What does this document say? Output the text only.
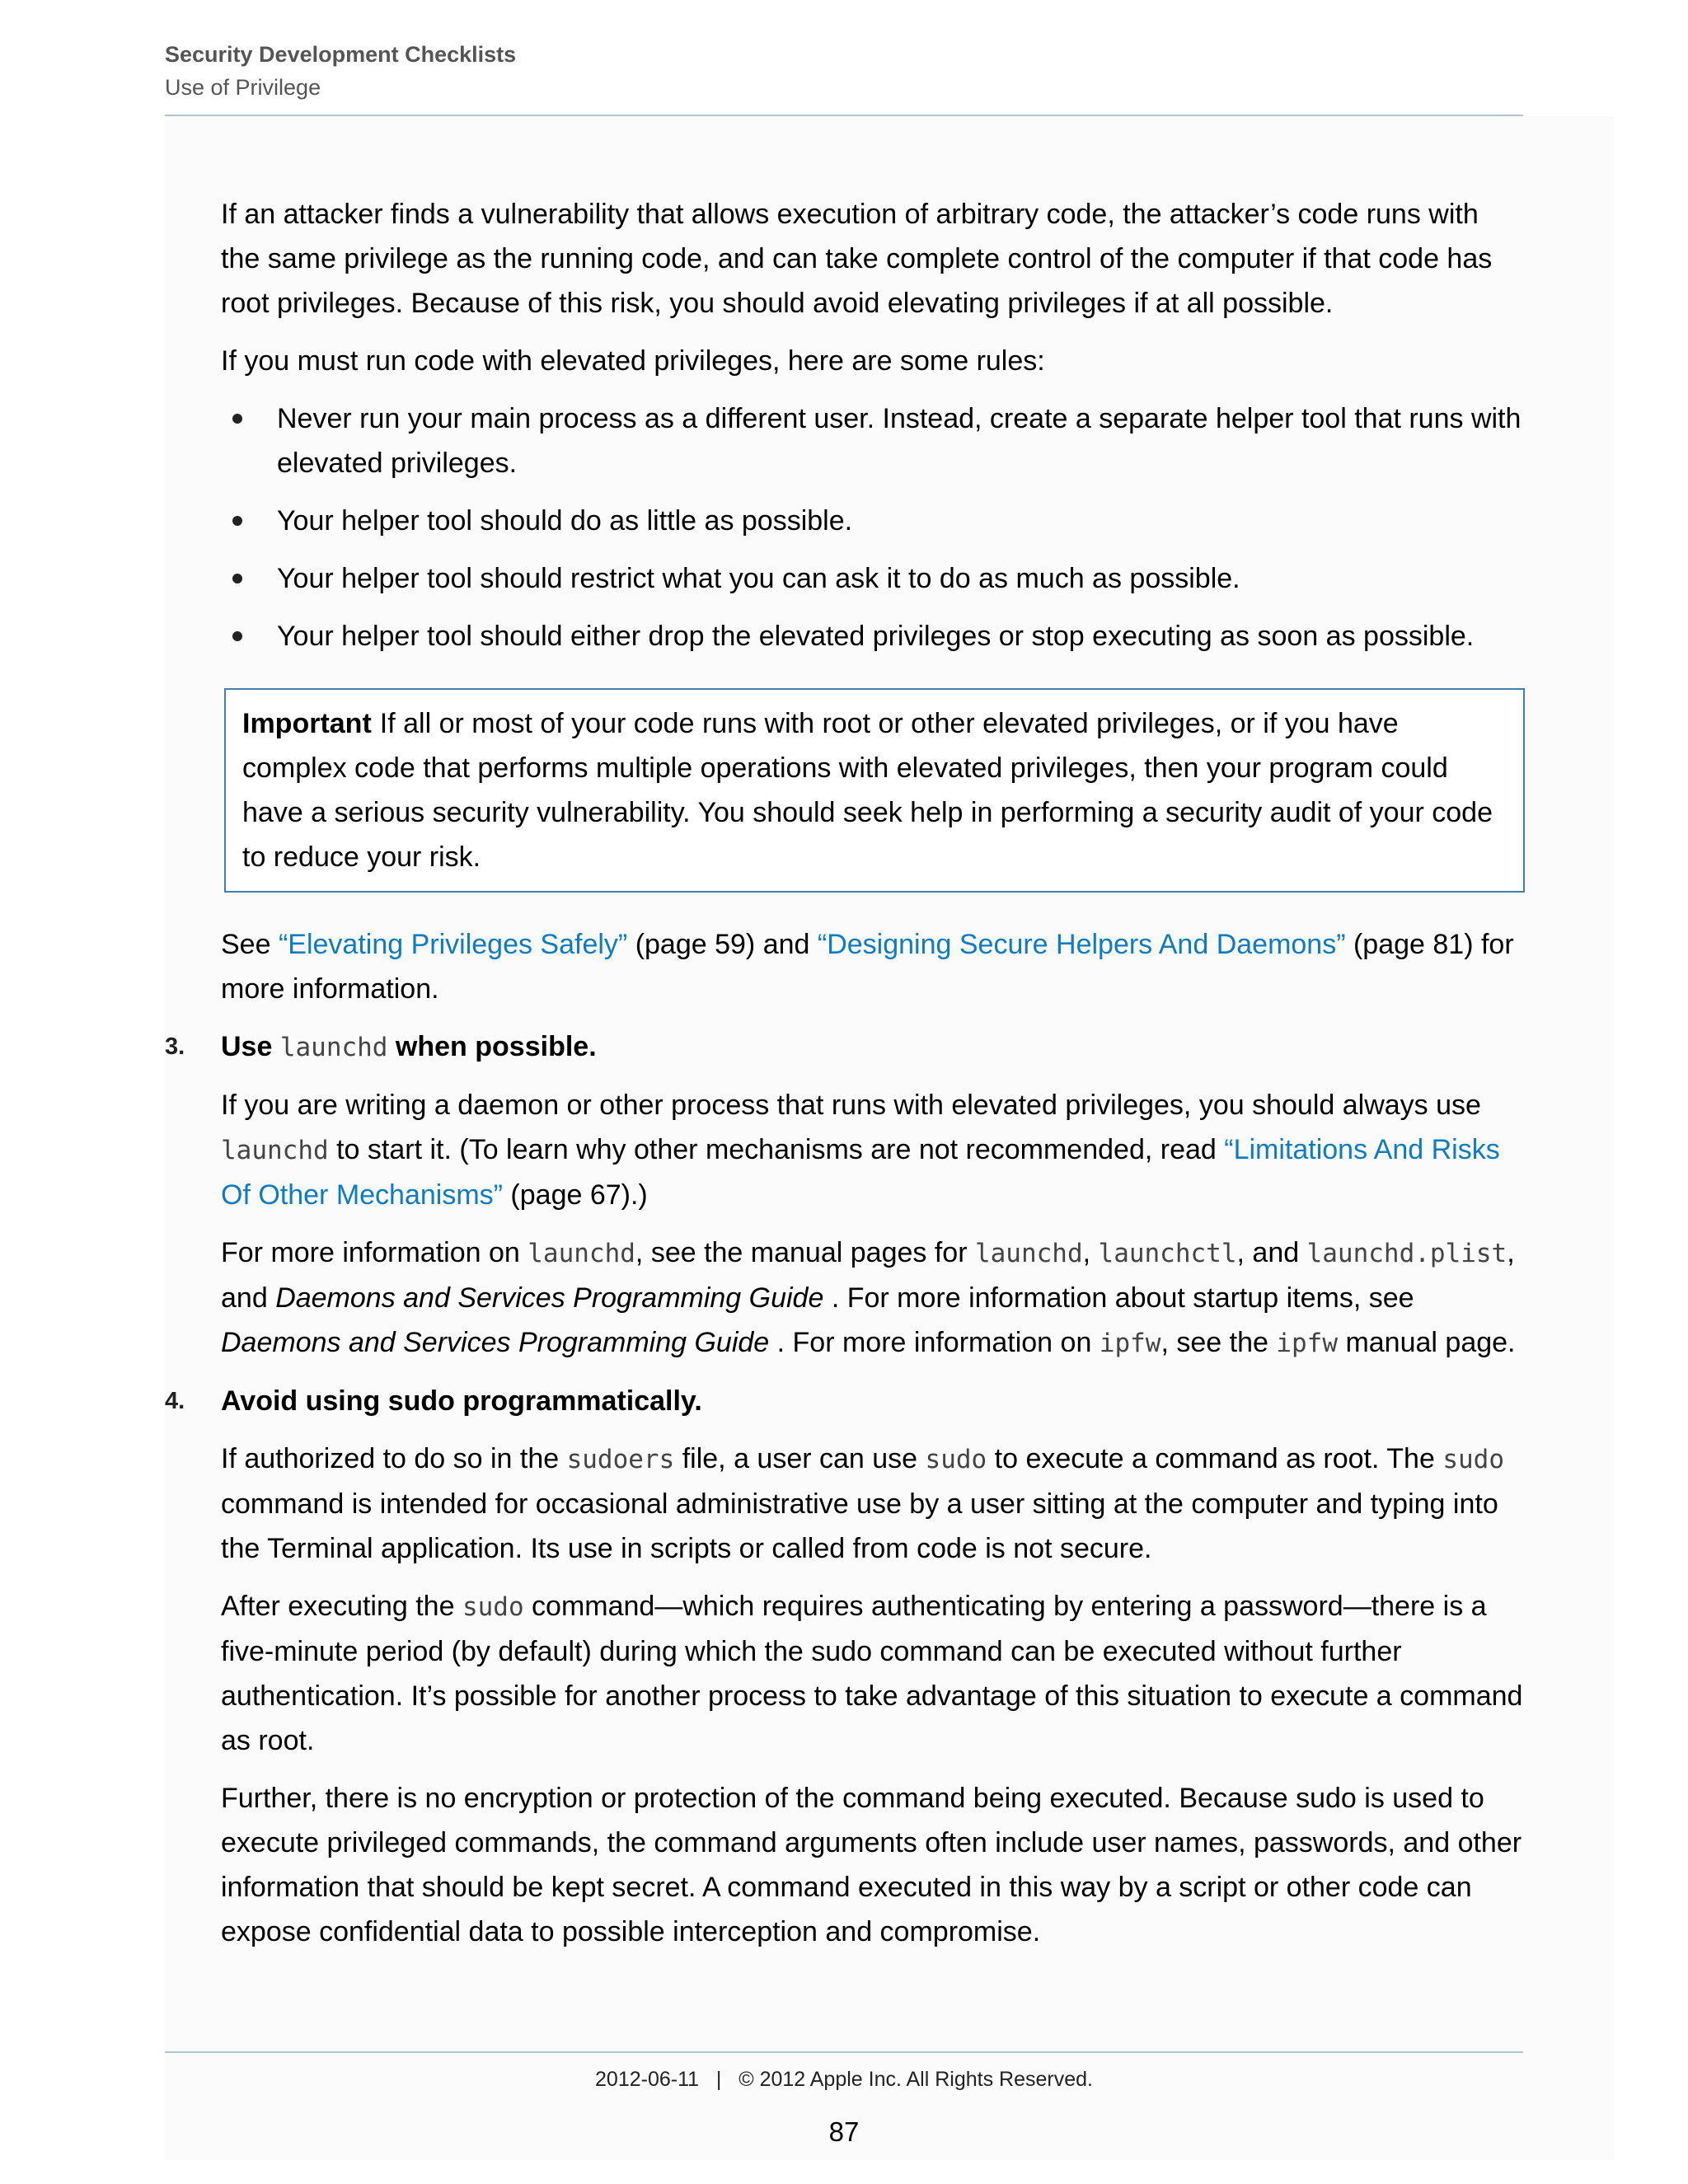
Security Development Checklists
Use of Privilege

If an attacker finds a vulnerability that allows execution of arbitrary code, the attacker’s code runs with the same privilege as the running code, and can take complete control of the computer if that code has root privileges. Because of this risk, you should avoid elevating privileges if at all possible.

If you must run code with elevated privileges, here are some rules:

Never run your main process as a different user. Instead, create a separate helper tool that runs with elevated privileges.
Your helper tool should do as little as possible.
Your helper tool should restrict what you can ask it to do as much as possible.
Your helper tool should either drop the elevated privileges or stop executing as soon as possible.
Important If all or most of your code runs with root or other elevated privileges, or if you have complex code that performs multiple operations with elevated privileges, then your program could have a serious security vulnerability. You should seek help in performing a security audit of your code to reduce your risk.

See “Elevating Privileges Safely” (page 59) and “Designing Secure Helpers And Daemons” (page 81) for more information.

3. Use launchd when possible.

If you are writing a daemon or other process that runs with elevated privileges, you should always use launchd to start it. (To learn why other mechanisms are not recommended, read “Limitations And Risks Of Other Mechanisms” (page 67).)

For more information on launchd, see the manual pages for launchd, launchctl, and launchd.plist, and Daemons and Services Programming Guide . For more information about startup items, see Daemons and Services Programming Guide . For more information on ipfw, see the ipfw manual page.

4. Avoid using sudo programmatically.

If authorized to do so in the sudoers file, a user can use sudo to execute a command as root. The sudo command is intended for occasional administrative use by a user sitting at the computer and typing into the Terminal application. Its use in scripts or called from code is not secure.

After executing the sudo command—which requires authenticating by entering a password—there is a five-minute period (by default) during which the sudo command can be executed without further authentication. It’s possible for another process to take advantage of this situation to execute a command as root.

Further, there is no encryption or protection of the command being executed. Because sudo is used to execute privileged commands, the command arguments often include user names, passwords, and other information that should be kept secret. A command executed in this way by a script or other code can expose confidential data to possible interception and compromise.

2012-06-11   |   © 2012 Apple Inc. All Rights Reserved.
87
